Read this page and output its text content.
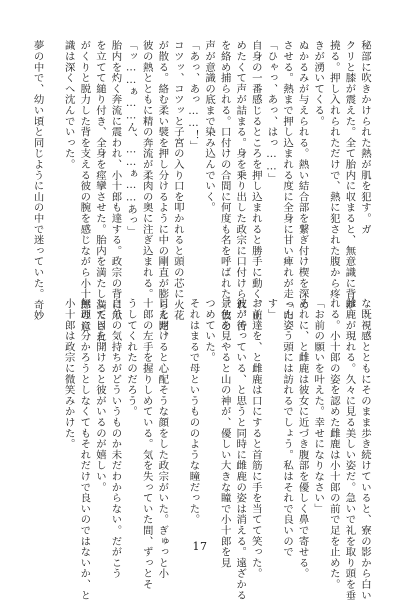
秘部に吹きかけられた熱が肌を犯す。ガ
クリと膝が震えた。全て胎内に収まると、無意識に背が
撓る。押し入れられただけで、熱に犯された腹から疼
きが湧いてくる。
ぬかるみが与えられる。熱い結合部を繋ぎ付け楔を深め
させる。熱まで押し込まれる度に全身に甘い痺れが走った。
「ひゃっ、あっ、はっ……」
自身の一番感じるところを押し込まれると勝手に動く。止
めたくて声が詰まる。身を乗り出した政宗に口付けられ、舌
を絡め捕られる。口付けの合間に何度も名を呼ばれた。彼の
声が意識の底まで染み込んでいく。
「あっ、あっ……！」
コツッ、コツッと子宮の入り口を叩かれると頭の芯に火花
が散る。絡む柔い襞を押し分けるように中の剛直が膨らんだ。
彼の熱とともに精の奔流が柔肉の奥に注ぎ込まれる。
「ッ……ぁ……ん、……ぁ……あっ」
胎内を灼く奔流に震われ、小十郎も達する。政宗の背に爪
を立てて縋り付き、全身を痙攣させた。胎内を満たし満たされ、
がくりと脱力した背を支える彼の腕を感じながら小十郎の意
識は深くへ沈んでいった。

夢の中で、幼い頃と同じように山の中で迷っていた。奇妙
な既視感とともにそのまま歩き続けていると、寮の影から白い
雌鹿が現れる。久々に見る美しい姿だ。急いで礼を取り頭を垂
れる。小十郎の姿を認めた雌鹿は小十郎の前で足を止めた。
「お前の願いを叶えた。幸せになりなさい」
それに、と雌鹿は彼女に近づき腹部を優しく鼻で寄せる。
「山姿う頭には訪れるでしょう。私はそれで良いので
す」
お前達を、と雌鹿は口にすると首筋に手を当てて笑った。
彼が待っている、と思うと同時に雌鹿の姿は消える。遠ざかる
景色を見やると山の神が、優しい大きな瞳で小十郎を見
つめていた。
それはまるで母というもののような瞳だった。

目を開けると心配そうな顔をした政宗がいた。ぎゅっと小
十郎の左手を握りしめている。気を失っていた間、ずっとそ
うしてくれたのだろう。
自分の気持ちがどういうものか未だわからない。だがこう
して目を開けると彼がいるのが嬉しい。
無理に分かろうとしなくてもそれだけで良いのではないか、と
小十郎は政宗に微笑みかけた。
17
